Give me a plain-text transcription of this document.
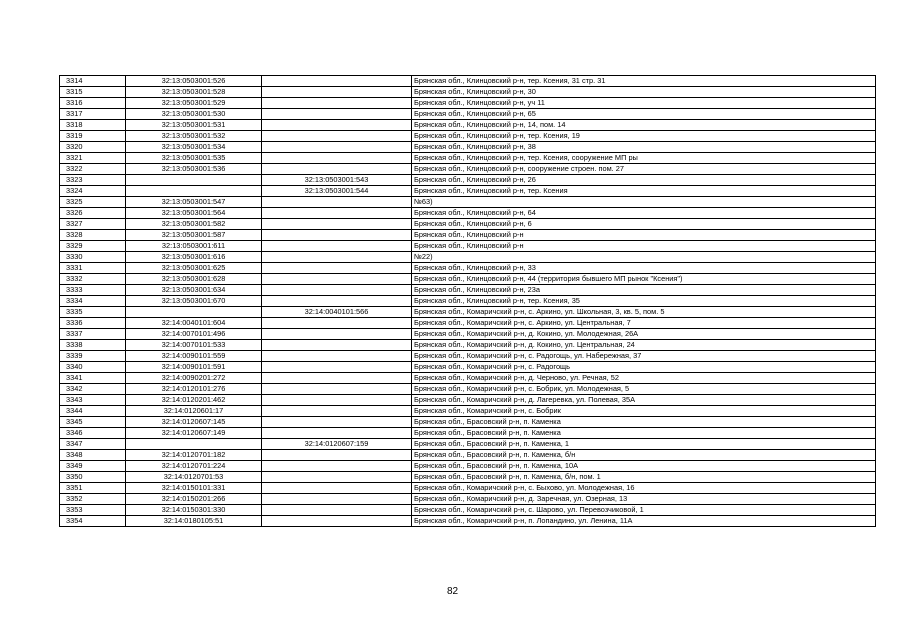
3314	32:13:0503001:526		Брянская обл., Клинцовский р-н, тер. Ксения, 31 стр. 31
3315	32:13:0503001:528		Брянская обл., Клинцовский р-н, 30
3316	32:13:0503001:529		Брянская обл., Клинцовский р-н, уч 11
3317	32:13:0503001:530		Брянская обл., Клинцовский р-н, 65
3318	32:13:0503001:531		Брянская обл., Клинцовский р-н, 14, пом. 14
3319	32:13:0503001:532		Брянская обл., Клинцовский р-н, тер. Ксения, 19
3320	32:13:0503001:534		Брянская обл., Клинцовский р-н, 38
3321	32:13:0503001:535		Брянская обл., Клинцовский р-н, тер. Ксения, сооружение МП ры
3322	32:13:0503001:536		Брянская обл., Клинцовский р-н, сооружение строен. пом. 27
3323		32:13:0503001:543	Брянская обл., Клинцовский р-н, 26
3324		32:13:0503001:544	Брянская обл., Клинцовский р-н, тер. Ксения
3325	32:13:0503001:547		№63)
3326	32:13:0503001:564		Брянская обл., Клинцовский р-н, 64
3327	32:13:0503001:582		Брянская обл., Клинцовский р-н, 6
3328	32:13:0503001:587		Брянская обл., Клинцовский р-н
3329	32:13:0503001:611		Брянская обл., Клинцовский р-н
3330	32:13:0503001:616		№22)
3331	32:13:0503001:625		Брянская обл., Клинцовский р-н, 33
3332	32:13:0503001:628		Брянская обл., Клинцовский р-н, 44 (территория бывшего МП рынок "Ксения")
3333	32:13:0503001:634		Брянская обл., Клинцовский р-н, 23а
3334	32:13:0503001:670		Брянская обл., Клинцовский р-н, тер. Ксения, 35
3335		32:14:0040101:566	Брянская обл., Комаричский р-н, с. Аркино, ул. Школьная, 3, кв. 5, пом. 5
3336	32:14:0040101:604		Брянская обл., Комаричский р-н, с. Аркино, ул. Центральная, 7
3337	32:14:0070101:496		Брянская обл., Комаричский р-н, д. Кокино, ул. Молодежная, 26А
3338	32:14:0070101:533		Брянская обл., Комаричский р-н, д. Кокино, ул. Центральная, 24
3339	32:14:0090101:559		Брянская обл., Комаричский р-н, с. Радогощь, ул. Набережная, 37
3340	32:14:0090101:591		Брянская обл., Комаричский р-н, с. Радогощь
3341	32:14:0090201:272		Брянская обл., Комаричский р-н, д. Черново, ул. Речная, 52
3342	32:14:0120101:276		Брянская обл., Комаричский р-н, с. Бобрик, ул. Молодежная, 5
3343	32:14:0120201:462		Брянская обл., Комаричский р-н, д. Лагеревка, ул. Полевая, 35А
3344	32:14:0120601:17		Брянская обл., Комаричский р-н, с. Бобрик
3345	32:14:0120607:145		Брянская обл., Брасовский р-н, п. Каменка
3346	32:14:0120607:149		Брянская обл., Брасовский р-н, п. Каменка
3347		32:14:0120607:159	Брянская обл., Брасовский р-н, п. Каменка, 1
3348	32:14:0120701:182		Брянская обл., Брасовский р-н, п. Каменка, б/н
3349	32:14:0120701:224		Брянская обл., Брасовский р-н, п. Каменка, 10А
3350	32:14:0120701:53		Брянская обл., Брасовский р-н, п. Каменка, б/н, пом. 1
3351	32:14:0150101:331		Брянская обл., Комаричский р-н, с. Быхово, ул. Молодежная, 16
3352	32:14:0150201:266		Брянская обл., Комаричский р-н, д. Заречная, ул. Озерная, 13
3353	32:14:0150301:330		Брянская обл., Комаричский р-н, с. Шарово, ул. Перевозчиковой, 1
3354	32:14:0180105:51		Брянская обл., Комаричский р-н, п. Лопандино, ул. Ленина, 11А
82
